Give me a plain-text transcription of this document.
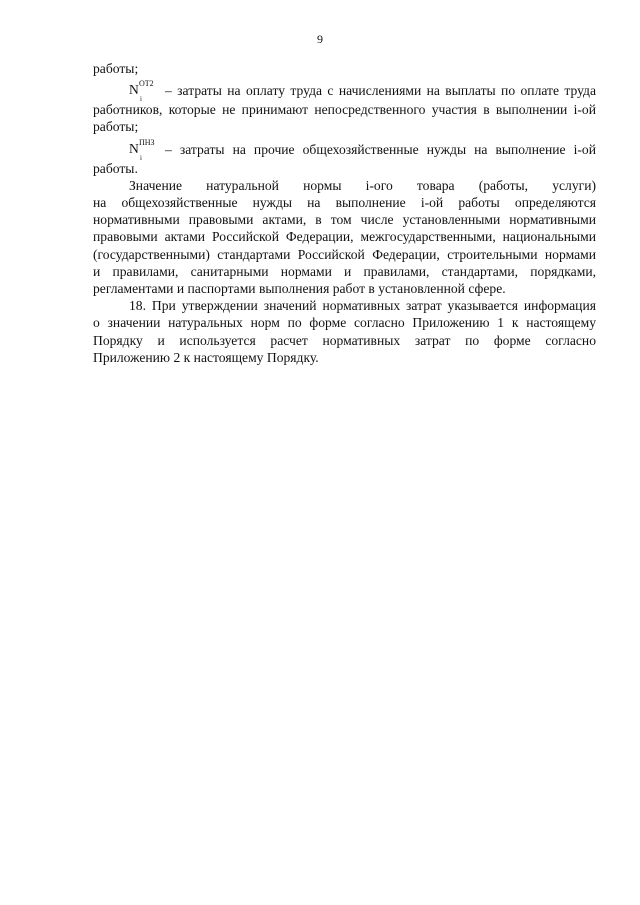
9
работы;
N ОТ2
i
– затраты на оплату труда с начислениями на выплаты по оплате труда
работников, которые не принимают непосредственного участия в выполнении i-ой
работы;
N ПНЗ
i
– затраты на прочие общехозяйственные нужды на выполнение i-ой
работы.
Значение натуральной нормы i-ого товара (работы, услуги)
на общехозяйственные нужды на выполнение i-ой работы определяются
нормативными правовыми актами, в том числе установленными нормативными
правовыми актами Российской Федерации, межгосударственными, национальными
(государственными) стандартами Российской Федерации, строительными нормами
и правилами, санитарными нормами и правилами, стандартами, порядками,
регламентами и паспортами выполнения работ в установленной сфере.
18. При утверждении значений нормативных затрат указывается информация
о значении натуральных норм по форме согласно Приложению 1 к настоящему
Порядку и используется расчет нормативных затрат по форме согласно
Приложению 2 к настоящему Порядку.
